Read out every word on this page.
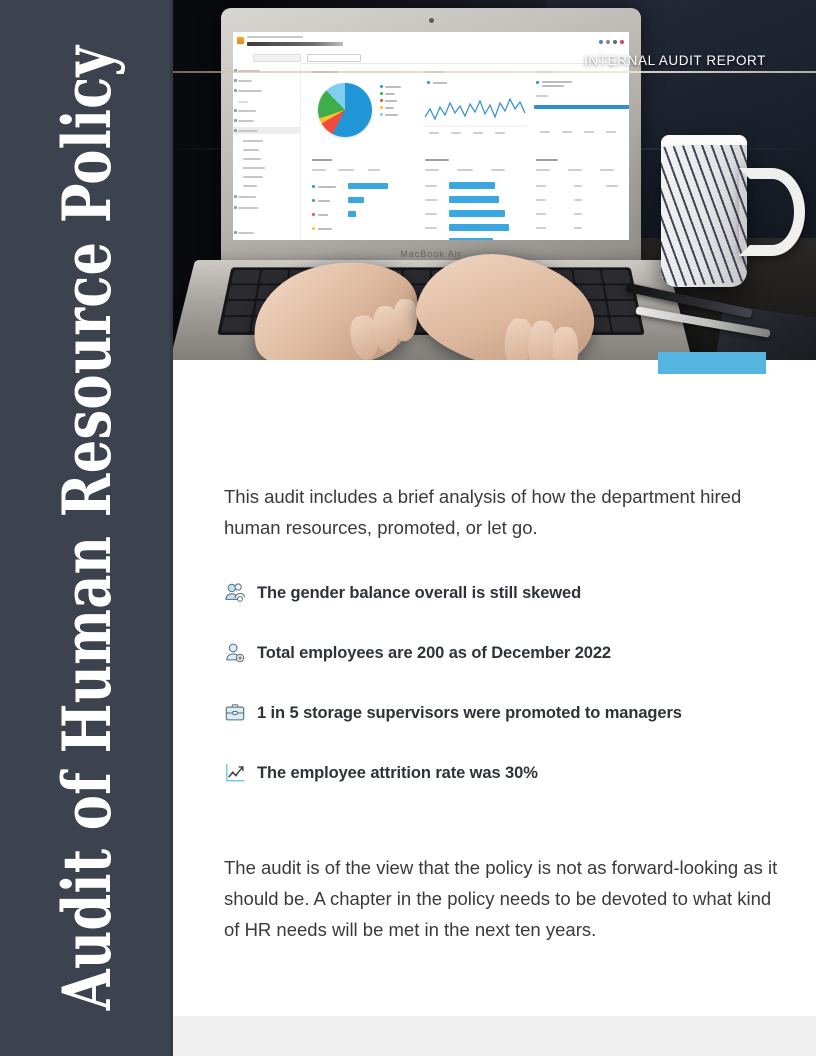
Audit of Human Resource Policy	MacBook Air
INTERNAL AUDIT REPORT

This audit includes a brief analysis of how the department hired human resources, promoted, or let go.

The gender balance overall is still skewed
Total employees are 200 as of December 2022
1 in 5 storage supervisors were promoted to managers
The employee attrition rate was 30%

The audit is of the view that the policy is not as forward-looking as it should be. A chapter in the policy needs to be devoted to what kind of HR needs will be met in the next ten years.
